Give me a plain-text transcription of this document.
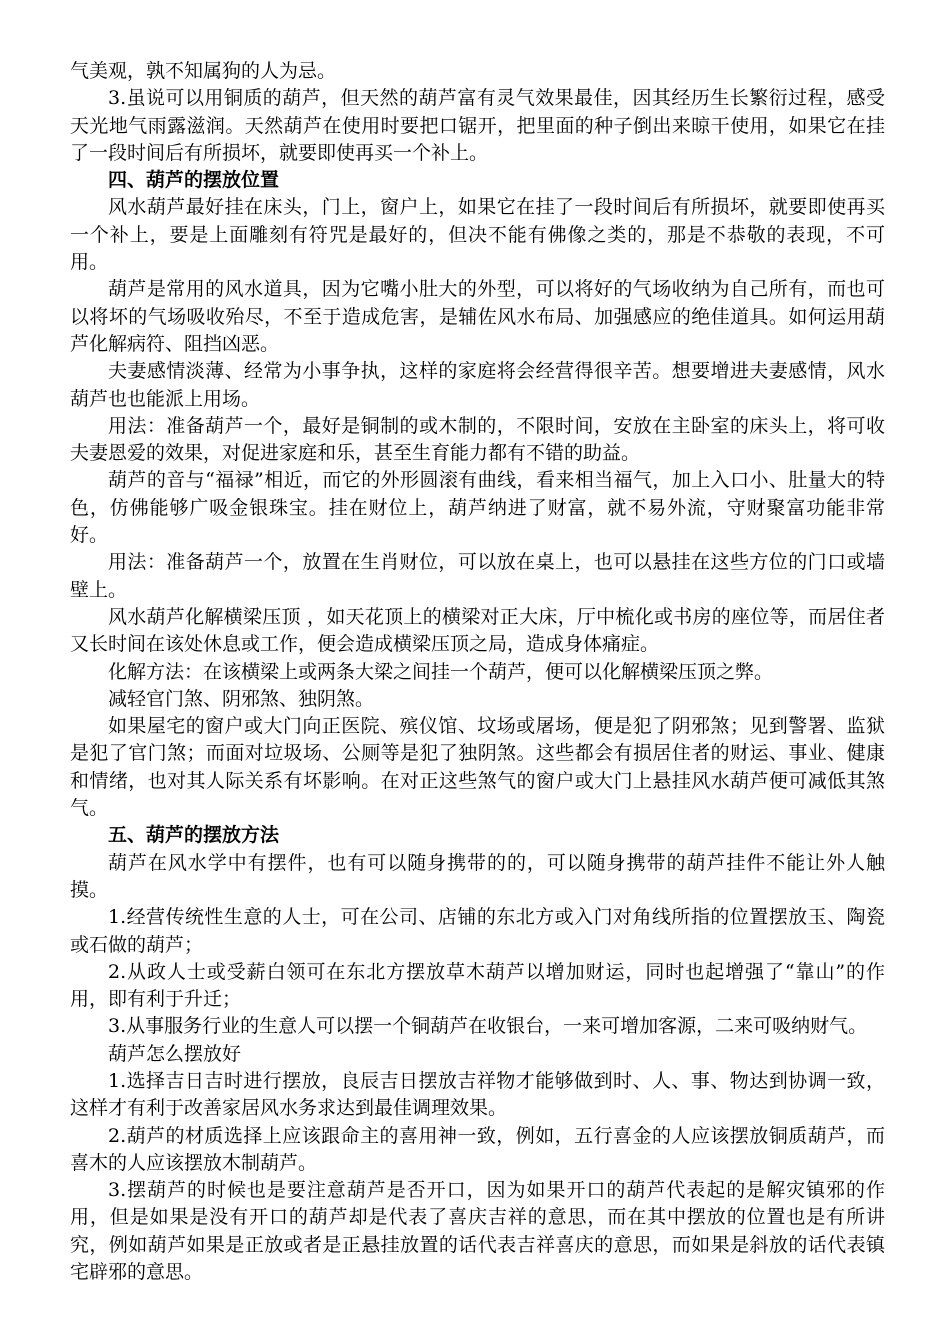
气美观，孰不知属狗的人为忌。

3.虽说可以用铜质的葫芦，但天然的葫芦富有灵气效果最佳，因其经历生长繁衍过程，感受天光地气雨露滋润。天然葫芦在使用时要把口锯开，把里面的种子倒出来晾干使用，如果它在挂了一段时间后有所损坏，就要即使再买一个补上。

四、葫芦的摆放位置

风水葫芦最好挂在床头，门上，窗户上，如果它在挂了一段时间后有所损坏，就要即使再买一个补上，要是上面雕刻有符咒是最好的，但决不能有佛像之类的，那是不恭敬的表现，不可用。

葫芦是常用的风水道具，因为它嘴小肚大的外型，可以将好的气场收纳为自己所有，而也可以将坏的气场吸收殆尽，不至于造成危害，是辅佐风水布局、加强感应的绝佳道具。如何运用葫芦化解病符、阻挡凶恶。

夫妻感情淡薄、经常为小事争执，这样的家庭将会经营得很辛苦。想要增进夫妻感情，风水葫芦也也能派上用场。

用法：准备葫芦一个，最好是铜制的或木制的，不限时间，安放在主卧室的床头上，将可收夫妻恩爱的效果，对促进家庭和乐，甚至生育能力都有不错的助益。

葫芦的音与“福禄”相近，而它的外形圆滚有曲线，看来相当福气，加上入口小、肚量大的特色，仿佛能够广吸金银珠宝。挂在财位上，葫芦纳进了财富，就不易外流，守财聚富功能非常好。

用法：准备葫芦一个，放置在生肖财位，可以放在桌上，也可以悬挂在这些方位的门口或墙壁上。

风水葫芦化解横梁压顶 ，如天花顶上的横梁对正大床，厅中梳化或书房的座位等，而居住者又长时间在该处休息或工作，便会造成横梁压顶之局，造成身体痛症。

化解方法：在该横梁上或两条大梁之间挂一个葫芦，便可以化解横梁压顶之弊。

减轻官门煞、阴邪煞、独阴煞。

如果屋宅的窗户或大门向正医院、殡仪馆、坟场或屠场，便是犯了阴邪煞；见到警署、监狱是犯了官门煞；而面对垃圾场、公厕等是犯了独阴煞。这些都会有损居住者的财运、事业、健康和情绪，也对其人际关系有坏影响。在对正这些煞气的窗户或大门上悬挂风水葫芦便可减低其煞气。

五、葫芦的摆放方法

葫芦在风水学中有摆件，也有可以随身携带的的，可以随身携带的葫芦挂件不能让外人触摸。

1.经营传统性生意的人士，可在公司、店铺的东北方或入门对角线所指的位置摆放玉、陶瓷或石做的葫芦；

2.从政人士或受薪白领可在东北方摆放草木葫芦以增加财运，同时也起增强了“靠山”的作用，即有利于升迁；

3.从事服务行业的生意人可以摆一个铜葫芦在收银台，一来可增加客源，二来可吸纳财气。

葫芦怎么摆放好

1.选择吉日吉时进行摆放，良辰吉日摆放吉祥物才能够做到时、人、事、物达到协调一致，这样才有利于改善家居风水务求达到最佳调理效果。

2.葫芦的材质选择上应该跟命主的喜用神一致，例如，五行喜金的人应该摆放铜质葫芦，而喜木的人应该摆放木制葫芦。

3.摆葫芦的时候也是要注意葫芦是否开口，因为如果开口的葫芦代表起的是解灾镇邪的作用，但是如果是没有开口的葫芦却是代表了喜庆吉祥的意思，而在其中摆放的位置也是有所讲究，例如葫芦如果是正放或者是正悬挂放置的话代表吉祥喜庆的意思，而如果是斜放的话代表镇宅辟邪的意思。
